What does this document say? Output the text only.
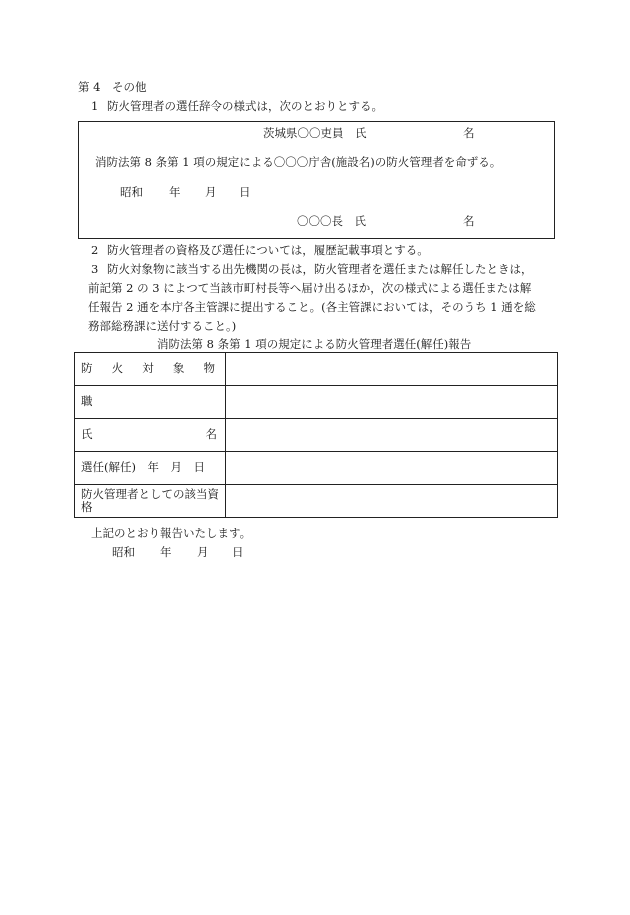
第 4　その他
1 防火管理者の選任辞令の様式は，次のとおりとする。
茨城県〇〇吏員　氏	名
消防法第 8 条第 1 項の規定による〇〇〇庁舎(施設名)の防火管理者を命ずる。
昭和 年 月 日
〇〇〇長　氏	名
2 防火管理者の資格及び選任については，履歴記載事項とする。
3 防火対象物に該当する出先機関の長は，防火管理者を選任または解任したときは，
前記第 2 の 3 によつて当該市町村長等へ届け出るほか，次の様式による選任または解
任報告 2 通を本庁各主管課に提出すること。(各主管課においては，そのうち 1 通を総
務部総務課に送付すること。)
消防法第 8 条第 1 項の規定による防火管理者選任(解任)報告
防 火 対 象 物	

職	

氏 名	

選任(解任)　年　月　日	
防火管理者としての該当資格	
上記のとおり報告いたします。
昭和 年 月 日
